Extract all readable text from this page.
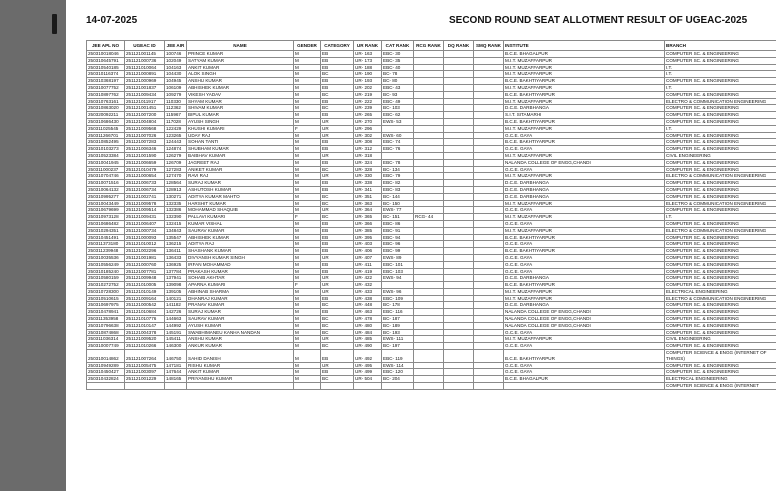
14-07-2025	SECOND ROUND SEAT ALLOTMENT RESULT OF UGEAC-2025
JEE APL NO	UGEAC ID	JEE AIR	NAME	GENDER	CATEGORY	UR RANK	CAT RANK	RCG RANK	DQ RANK	SMQ RANK	INSTITUTE	BRANCH
250310018046	251121001145	100746	PRINCE KUMAR	M	EB	UR- 163	EBC- 30				B.C.E. BHAGALPUR	COMPUTER SC. & ENGINEERING
250310645791	251121000736	102049	SATYAM KUMAR	M	EB	UR- 173	EBC- 35				M.I.T. MUZAFFARPUR	COMPUTER SC. & ENGINEERING
250310540185	251121010064	104163	ANKIT KUMAR	M	EB	UR- 188	EBC- 40				M.I.T. MUZAFFARPUR	I.T.
250310116374	251121000891	104430	ALOK SINGH	M	BC	UR- 190	BC- 78				M.I.T. MUZAFFARPUR	I.T.
250310368197	251121000969	104945	ANSHU KUMAR	M	EB	UR- 193	BC- 80				B.C.E. BAKHTIYARPUR	COMPUTER SC. & ENGINEERING
250310077752	251121001837	106109	ABHISHEK KUMAR	M	EB	UR- 202	EBC- 43				M.I.T. MUZAFFARPUR	I.T.
250310897762	251121009434	109279	VIKESH YADAV	M	BC	UR- 219	BC- 93				B.C.E. BAKHTIYARPUR	COMPUTER SC. & ENGINEERING
250310763161	251121011917	110330	SHYAM KUMAR	M	EB	UR- 222	EBC- 49				M.I.T. MUZAFFARPUR	ELECTRO & COMMUNICATION ENGINEERING
250310863020	251121001451	112362	SHIVAM KUMAR	M	BC	UR- 239	BC- 103				D.C.E. DARBHANGA	COMPUTER SC. & ENGINEERING
250320092211	251121007200	115967	BIPUL KUMAR	M	EB	UR- 265	EBC- 62				S.I.T. SITAMARHI	COMPUTER SC. & ENGINEERING
250310686430	251121004804	117028	AYUSH SINGH	M	UR	UR- 270	EWS- 53				B.C.E. BAKHTIYARPUR	COMPUTER SC. & ENGINEERING
250311025545	251121009568	122429	KHUSHI KUMARI	F	UR	UR- 296					M.I.T. MUZAFFARPUR	I.T.
250311266701	251121007026	123265	UDAY RAJ	M	UR	UR- 302	EWS- 60				G.C.E. GAYA	COMPUTER SC. & ENGINEERING
250310852495	251121007283	124443	SOHAN TANTI	M	EB	UR- 308	EBC- 74				B.C.E. BAKHTIYARPUR	COMPUTER SC. & ENGINEERING
250310103273	251121006346	124874	SHUBHAM KUMAR	M	EB	UR- 312	EBC- 76				G.C.E. GAYA	COMPUTER SC. & ENGINEERING
250310523384	251121001590	126279	BAIBHAV KUMAR	M	UR	UR- 318					M.I.T. MUZAFFARPUR	CIVIL ENGINEERING
250310041945	251121006659	126709	JAGREET RAJ	M	EB	UR- 324	EBC- 78				NALANDA COLLEGE OF ENGG,CHANDI	COMPUTER SC. & ENGINEERING
250311000237	251121010479	127283	ANIKET KUMAR	M	BC	UR- 328	BC- 134				G.C.E. GAYA	COMPUTER SC. & ENGINEERING
250310704746	251121000654	127470	RAVI RAJ	M	UR	UR- 330	EBC- 79				M.I.T. MUZAFFARPUR	ELECTRO & COMMUNICATION ENGINEERING
250310071516	251121006733	128564	SURAJ KUMAR	M	EB	UR- 338	EBC- 82				D.C.E. DARBHANGA	COMPUTER SC. & ENGINEERING
250310064132	251121006734	128913	ASHUTOSH KUMAR	M	EB	UR- 341	EBC- 83				D.C.E. DARBHANGA	COMPUTER SC. & ENGINEERING
250310995277	251121002741	130271	ADITYA KUMAR MAHTO	M	BC	UR- 351	BC- 144				D.C.E. DARBHANGA	COMPUTER SC. & ENGINEERING
250310043449	251121009578	132335	HARSHIT KUMAR	M	BC	UR- 363	BC- 150				M.I.T. MUZAFFARPUR	ELECTRO & COMMUNICATION ENGINEERING
250310679699	251121009514	132386	MOHAMMAD SHAQUIB	M	UR	UR- 364	EWS- 77				G.C.E. GAYA	COMPUTER SC. & ENGINEERING
250310973128	251121009431	132390	PALLAVI KUMARI	F	BC	UR- 365	BC- 151	RCG- 44			M.I.T. MUZAFFARPUR	I.T.
250310686482	251121006407	132415	KUMAR VISHAL	M	EB	UR- 366	EBC- 86				G.C.E. GAYA	COMPUTER SC. & ENGINEERING
250310294351	251121000734	134843	SAURAV KUMAR	M	EB	UR- 385	EBC- 91				M.I.T. MUZAFFARPUR	ELECTRO & COMMUNICATION ENGINEERING
250310451491	251121000093	135547	ABHISHEK KUMAR	M	EB	UR- 395	EBC- 94				B.C.E. BAKHTIYARPUR	COMPUTER SC. & ENGINEERING
250311373180	251121010012	136215	ADITYA RAJ	M	EB	UR- 403	EBC- 96				G.C.E. GAYA	COMPUTER SC. & ENGINEERING
250311239948	251121002296	136411	SHASHANK KUMAR	M	EB	UR- 406	EBC- 99				B.C.E. BAKHTIYARPUR	COMPUTER SC. & ENGINEERING
250310035536	251121001981	136433	DIVYANSH KUMAR SINGH	M	UR	UR- 407	EWS- 89				G.C.E. GAYA	COMPUTER SC. & ENGINEERING
250310556249	251121000760	136925	IRFAN MOHAMMAD	M	EB	UR- 411	EBC- 101				G.C.E. GAYA	COMPUTER SC. & ENGINEERING
250310185240	251121007781	137784	PRAKASH KUMAR	M	EB	UR- 419	EBC- 103				G.C.E. GAYA	COMPUTER SC. & ENGINEERING
250310580159	251121009948	137941	SOHAIB AKHTAR	M	UR	UR- 422	EWS- 94				D.C.E. DARBHANGA	COMPUTER SC. & ENGINEERING
250310272752	251121010005	139098	APARNA KUMARI	F	UR	UR- 432					B.C.E. BAKHTIYARPUR	COMPUTER SC. & ENGINEERING
250310728300	251121010149	139105	ABHINAB SHARMA	M	UR	UR- 433	EWS- 96				M.I.T. MUZAFFARPUR	ELECTRICAL ENGINEERING
250310510615	251121009164	140121	DHANRAJ KUMAR	M	EB	UR- 438	EBC- 109				M.I.T. MUZAFFARPUR	ELECTRO & COMMUNICATION ENGINEERING
250310697975	251121000542	141182	PRANAV KUMAR	M	BC	UR- 448	BC- 178				D.C.E. DARBHANGA	COMPUTER SC. & ENGINEERING
250310478941	251121010684	142726	SURAJ KUMAR	M	EB	UR- 463	EBC- 116				NALANDA COLLEGE OF ENGG,CHANDI	COMPUTER SC. & ENGINEERING
250311353958	251121010776	144663	SAURAV KUMAR	M	BC	UR- 478	BC- 187				NALANDA COLLEGE OF ENGG,CHANDI	COMPUTER SC. & ENGINEERING
250310796638	251121010147	144992	AYUSH KUMAR	M	BC	UR- 480	BC- 189				NALANDA COLLEGE OF ENGG,CHANDI	COMPUTER SC. & ENGINEERING
250310874868	251121004378	145191	SWABHIMANEU KANHA NANDAN	M	BC	UR- 484	BC- 193				G.C.E. GAYA	COMPUTER SC. & ENGINEERING
250311036314	251121009520	145411	ANSHU KUMAR	M	UR	UR- 485	EWS- 111				M.I.T. MUZAFFARPUR	CIVIL ENGINEERING
250310007749	251121010266	146300	ANKUR KUMAR	M	BC	UR- 490	BC- 197				G.C.E. GAYA	COMPUTER SC. & ENGINEERING
250310014862	251121007264	146750	SAHID DANISH	M	EB	UR- 492	EBC- 119				B.C.E. BAKHTIYARPUR	COMPUTER SCIENCE & ENGG (INTERNET OF THINGS)
250310949289	251121005475	147181	RISHU KUMAR	M	UR	UR- 495	EWS- 114				G.C.E. GAYA	COMPUTER SC. & ENGINEERING
250310450427	251121003097	147644	ANKIT KUMAR	M	EB	UR- 499	EBC- 120				G.C.E. GAYA	COMPUTER SC. & ENGINEERING
250310432824	251121001229	148165	PRIYANSHU KUMAR	M	BC	UR- 504	BC- 204				B.C.E. BHAGALPUR	ELECTRICAL ENGINEERING
												COMPUTER SCIENCE & ENGG (INTERNET
